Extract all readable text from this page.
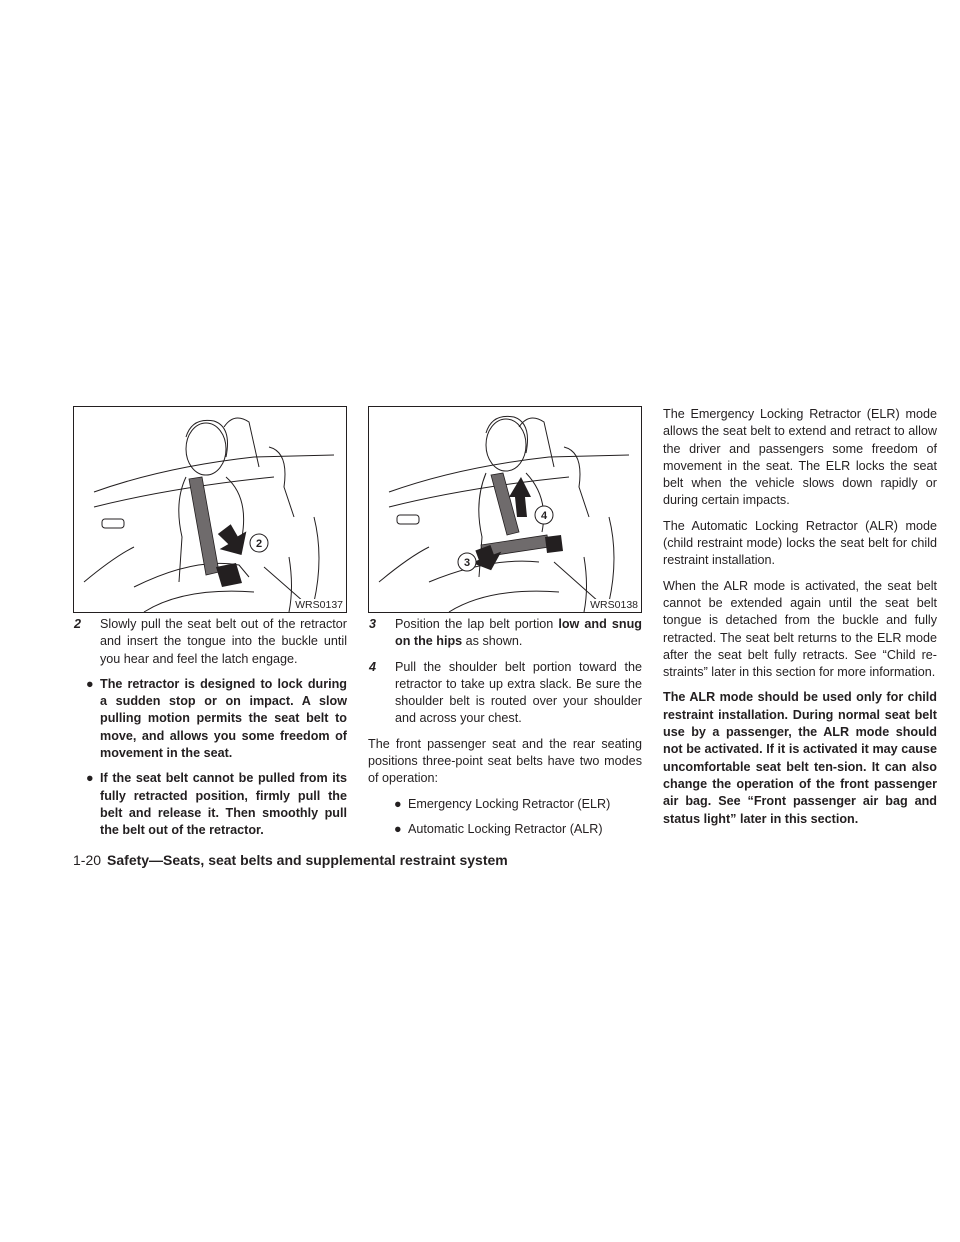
2
WRS0137
2 Slowly pull the seat belt out of the retractor and insert the tongue into the buckle until you hear and feel the latch engage.
● The retractor is designed to lock during a sudden stop or on impact. A slow pulling motion permits the seat belt to move, and allows you some freedom of movement in the seat.
● If the seat belt cannot be pulled from its fully retracted position, firmly pull the belt and release it. Then smoothly pull the belt out of the retractor.
4
3
WRS0138
3 Position the lap belt portion low and snug on the hips as shown.
4 Pull the shoulder belt portion toward the retractor to take up extra slack. Be sure the shoulder belt is routed over your shoulder and across your chest.

The front passenger seat and the rear seating positions three-point seat belts have two modes of operation:

● Emergency Locking Retractor (ELR)
● Automatic Locking Retractor (ALR)

The Emergency Locking Retractor (ELR) mode allows the seat belt to extend and retract to allow the driver and passengers some freedom of movement in the seat. The ELR locks the seat belt when the vehicle slows down rapidly or during certain impacts.

The Automatic Locking Retractor (ALR) mode (child restraint mode) locks the seat belt for child restraint installation.

When the ALR mode is activated, the seat belt cannot be extended again until the seat belt tongue is detached from the buckle and fully retracted. The seat belt returns to the ELR mode after the seat belt fully retracts. See “Child re-straints” later in this section for more information.

The ALR mode should be used only for child restraint installation. During normal seat belt use by a passenger, the ALR mode should not be activated. If it is activated it may cause uncomfortable seat belt ten-sion. It can also change the operation of the front passenger air bag. See “Front passenger air bag and status light” later in this section.

1-20 Safety—Seats, seat belts and supplemental restraint system
